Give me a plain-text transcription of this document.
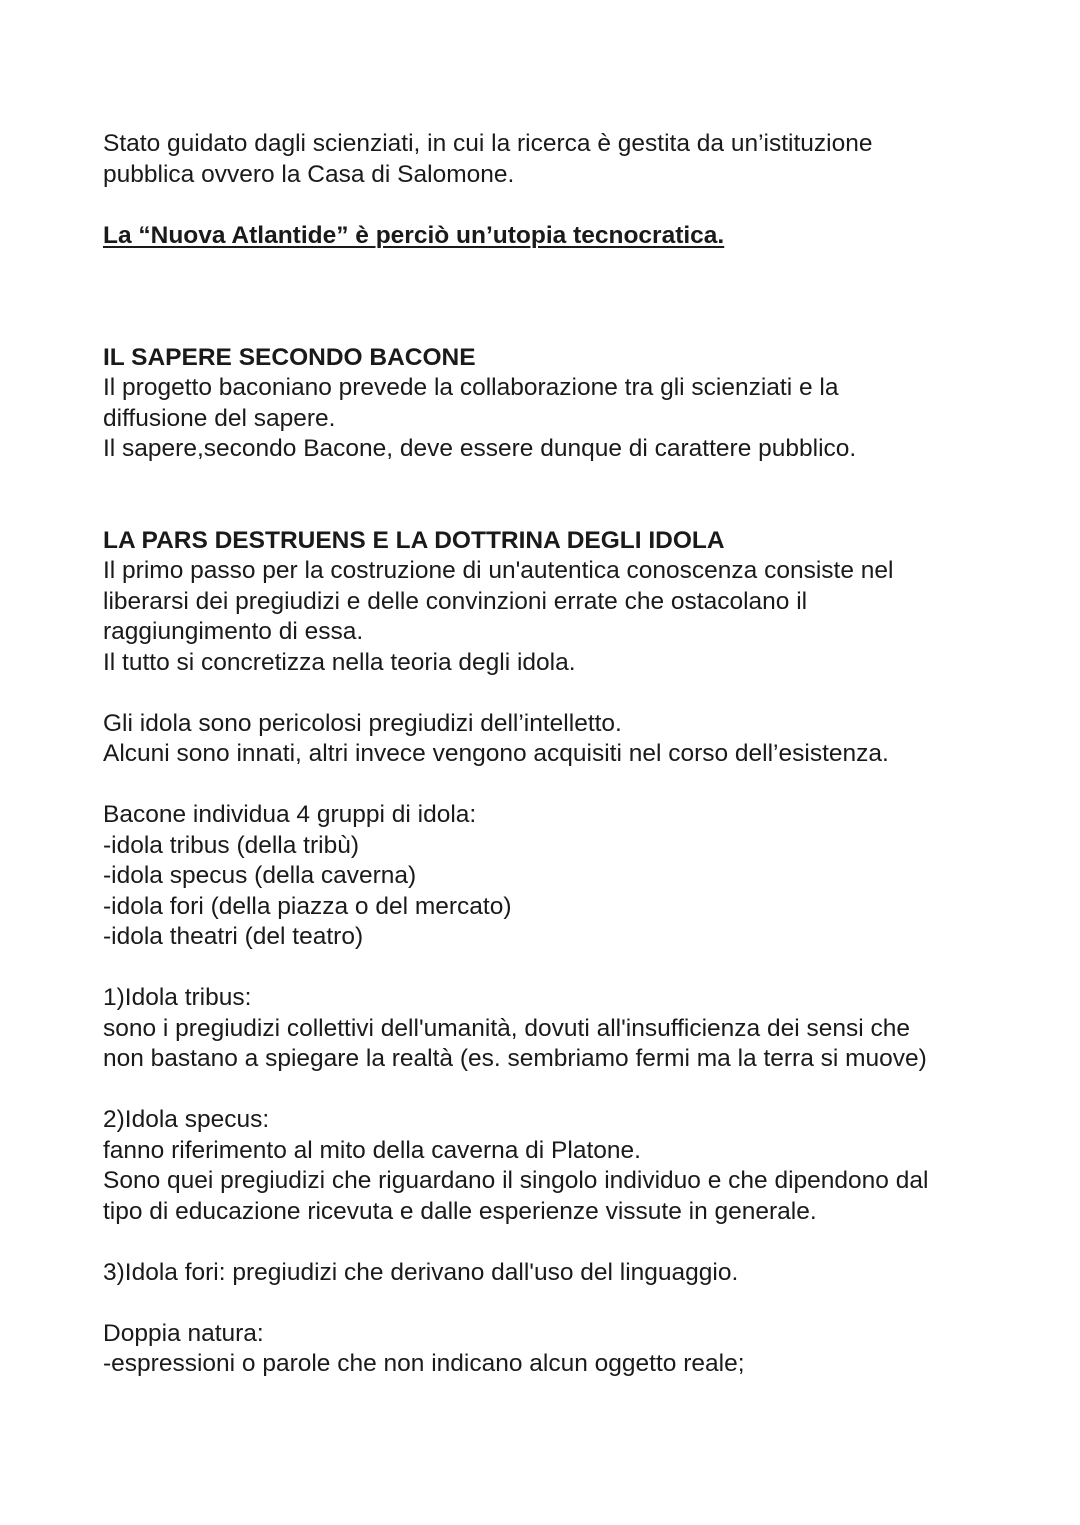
Stato guidato dagli scienziati, in cui la ricerca è gestita da un’istituzione
pubblica ovvero la Casa di Salomone.
La “Nuova Atlantide” è perciò un’utopia tecnocratica.
IL SAPERE SECONDO BACONE
Il progetto baconiano prevede la collaborazione tra gli scienziati e la
diffusione del sapere.
Il sapere,secondo Bacone, deve essere dunque di carattere pubblico.
LA PARS DESTRUENS E LA DOTTRINA DEGLI IDOLA
Il primo passo per la costruzione di un'autentica conoscenza consiste nel
liberarsi dei pregiudizi e delle convinzioni errate che ostacolano il
raggiungimento di essa.
Il tutto si concretizza nella teoria degli idola.
Gli idola sono pericolosi pregiudizi dell’intelletto.
Alcuni sono innati, altri invece vengono acquisiti nel corso dell’esistenza.
Bacone individua 4 gruppi di idola:
-idola tribus (della tribù)
-idola specus (della caverna)
-idola fori (della piazza o del mercato)
-idola theatri (del teatro)
1)Idola tribus:
sono i pregiudizi collettivi dell'umanità, dovuti all'insufficienza dei sensi che
non bastano a spiegare la realtà (es. sembriamo fermi ma la terra si muove)
2)Idola specus:
fanno riferimento al mito della caverna di Platone.
Sono quei pregiudizi che riguardano il singolo individuo e che dipendono dal
tipo di educazione ricevuta e dalle esperienze vissute in generale.
3)Idola fori: pregiudizi che derivano dall'uso del linguaggio.
Doppia natura:
-espressioni o parole che non indicano alcun oggetto reale;
